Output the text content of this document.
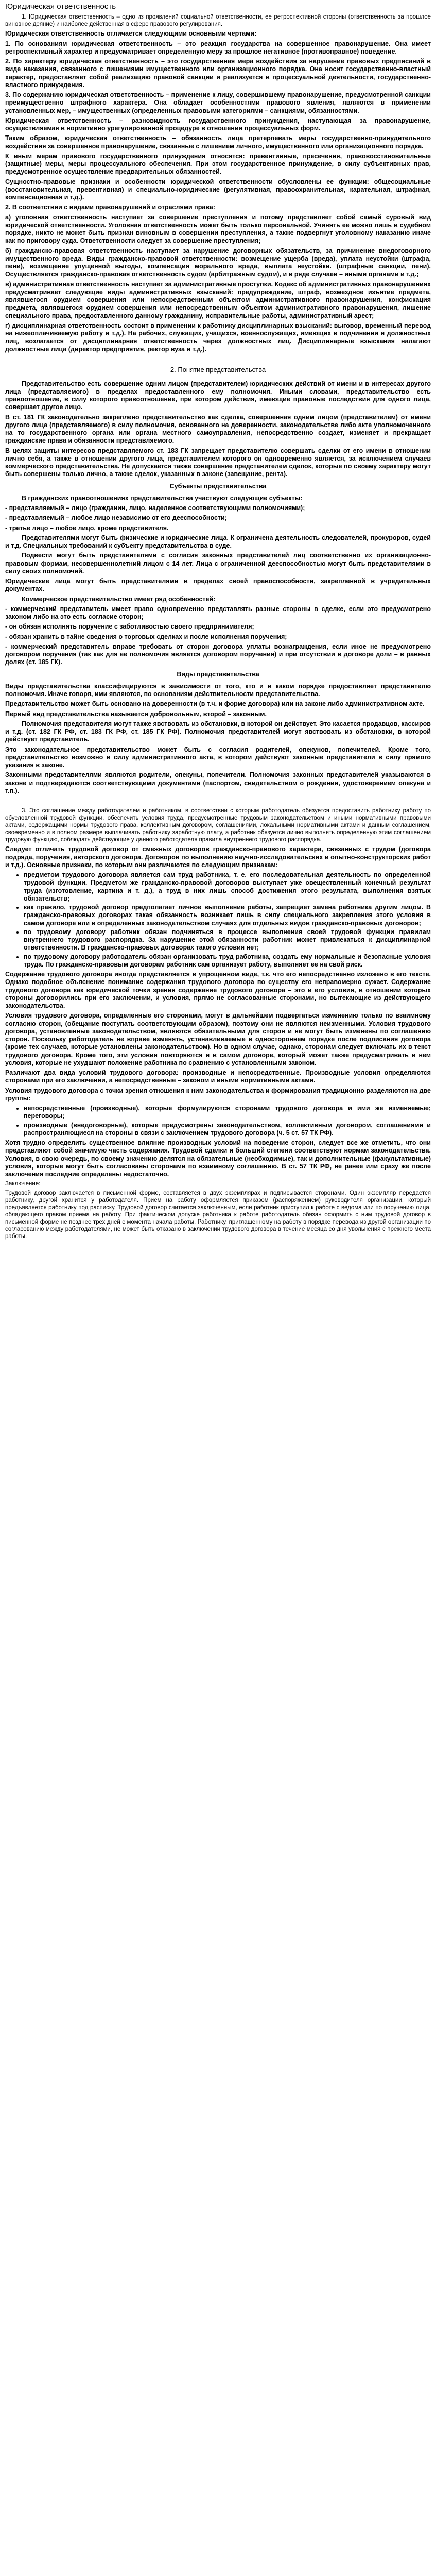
Юридическая ответственность
1. Юридическая ответственность – одно из проявлений социальной ответственности, ее ретроспективной стороны (ответственность за прошлое виновное деяние) и наиболее действенная в сфере правового регулирования.
Юридическая ответственность отличается следующими основными чертами:
1. По основаниям юридическая ответственность – это реакция государства на совершенное правонарушение. Она имеет ретроспективный характер и предусматривает определенную меру за прошлое негативное (противоправное) поведение.
2. По характеру юридическая ответственность – это государственная мера воздействия за нарушение правовых предписаний в виде наказания, связанного с лишениями имущественного или организационного порядка. Она носит государственно-властный характер, предоставляет собой реализацию правовой санкции и реализуется в процессуальной деятельности, государственно-властного принуждения.
3. По содержанию юридическая ответственность – применение к лицу, совершившему правонарушение, предусмотренной санкции преимущественно штрафного характера. Она обладает особенностями правового явления, являются в применении установленных мер, – имущественных (определенных правовыми категориями – санкциями, обязанностями.
Юридическая ответственность – разновидность государственного принуждения, наступающая за правонарушение, осуществляемая в нормативно урегулированной процедуре в отношении процессуальных форм.
Таким образом, юридическая ответственность – обязанность лица претерпевать меры государственно-принудительного воздействия за совершенное правонарушение, связанные с лишением личного, имущественного или организационного порядка.
К иным мерам правового государственного принуждения относятся: превентивные, пресечения, правовосстановительные (защитные) меры, меры процессуального обеспечения. При этом государственное принуждение, в силу субъективных прав, предусмотренное осуществление предварительных обязанностей.
Сущностно-правовые признаки и особенности юридической ответственности обусловлены ее функции: общесоциальные (восстановительная, превентивная) и специально-юридические (регулятивная, правоохранительная, карательная, штрафная, компенсационная и т.д.).
2. В соответствии с видами правонарушений и отраслями права:
а) уголовная ответственность наступает за совершение преступления и потому представляет собой самый суровый вид юридической ответственности. Уголовная ответственность может быть только персональной. Учинять ее можно лишь в судебном порядке, никто не может быть признан виновным в совершении преступления, а также подвергнут уголовному наказанию иначе как по приговору суда. Ответственности следует за совершение преступления;
б) гражданско-правовая ответственность наступает за нарушение договорных обязательств, за причинение внедоговорного имущественного вреда. Виды гражданско-правовой ответственности: возмещение ущерба (вреда), уплата неустойки (штрафа, пени), возмещение упущенной выгоды, компенсация морального вреда, выплата неустойки. (штрафные санкции, пени). Осуществляется гражданско-правовая ответственность судом (арбитражным судом), и в ряде случаев – иными органами и т.д.;
в) административная ответственность наступает за административные проступки. Кодекс об административных правонарушениях предусматривает следующие виды административных взысканий: предупреждение, штраф, возмездное изъятие предмета, являвшегося орудием совершения или непосредственным объектом административного правонарушения, конфискация предмета, являвшегося орудием совершения или непосредственным объектом административного правонарушения, лишение специального права, предоставленного данному гражданину, исправительные работы, административный арест;
г) дисциплинарная ответственность состоит в применении к работнику дисциплинарных взысканий: выговор, временный перевод на нижеоплачиваемую работу и т.д.). На рабочих, служащих, учащихся, военнослужащих, имеющих в подчинении и должностных лиц, возлагается от дисциплинарная ответственность через должностных лиц. Дисциплинарные взыскания налагают должностные лица (директор предприятия, ректор вуза и т.д.).
2. Понятие представительства
Представительство есть совершение одним лицом (представителем) юридических действий от имени и в интересах другого лица (представляемого) в пределах предоставленного ему полномочия. Иными словами, представительство есть правоотношение, в силу которого правоотношение, при котором действия, имеющие правовые последствия для одного лица, совершает другое лицо.
В ст. 181 ГК законодательно закреплено представительство как сделка, совершенная одним лицом (представителем) от имени другого лица (представляемого) в силу полномочия, основанного на доверенности, законодательстве либо акте уполномоченного на то государственного органа или органа местного самоуправления, непосредственно создает, изменяет и прекращает гражданские права и обязанности представляемого.
В целях защиты интересов представляемого ст. 183 ГК запрещает представителю совершать сделки от его имени в отношении лично себя, а также в отношении другого лица, представителем которого он одновременно является, за исключением случаев коммерческого представительства. Не допускается также совершение представителем сделок, которые по своему характеру могут быть совершены только лично, а также сделок, указанных в законе (завещание, рента).
Субъекты представительства
В гражданских правоотношениях представительства участвуют следующие субъекты:
- представляемый – лицо (гражданин, лицо, наделенное соответствующими полномочиями);
- представляемый – любое лицо независимо от его дееспособности;
- третье лицо – любое лицо, кроме представителя.
Представителями могут быть физические и юридические лица. К ограничена деятельность следователей, прокуроров, судей и т.д. Специальных требований к субъекту представительства в суде.
Подвести могут быть представителями с согласия законных представителей лиц соответственно их организационно-правовым формам, несовершеннолетний лицом с 14 лет. Лица с ограниченной дееспособностью могут быть представителями в силу своих полномочий.
Юридические лица могут быть представителями в пределах своей правоспособности, закрепленной в учредительных документах.
Коммерческое представительство имеет ряд особенностей:
- коммерческий представитель имеет право одновременно представлять разные стороны в сделке, если это предусмотрено законом либо на это есть согласие сторон;
- он обязан исполнять поручение с заботливостью своего предпринимателя;
- обязан хранить в тайне сведения о торговых сделках и после исполнения поручения;
- коммерческий представитель вправе требовать от сторон договора уплаты вознаграждения, если иное не предусмотрено договором поручения (так как для ее полномочия является договором поручения) и при отсутствии в договоре доли – в равных долях (ст. 185 ГК).
Виды представительства
Виды представительства классифицируются в зависимости от того, кто и в каком порядке предоставляет представителю полномочия. Иначе говоря, ими являются, по основаниям действительности представительства.
Представительство может быть основано на доверенности (в т.ч. и форме договора) или на законе либо административном акте.
Первый вид представительства называется добровольным, второй – законным.
Полномочия представителя могут также явствовать из обстановки, в которой он действует. Это касается продавцов, кассиров и т.д. (ст. 182 ГК РФ, ст. 183 ГК РФ, ст. 185 ГК РФ). Полномочия представителей могут явствовать из обстановки, в которой действует представитель.
Это законодательное представительство может быть с согласия родителей, опекунов, попечителей. Кроме того, представительство возможно в силу административного акта, в котором действуют законные представители в силу прямого указания в законе.
Законными представителями являются родители, опекуны, попечители. Полномочия законных представителей указываются в законе и подтверждаются соответствующими документами (паспортом, свидетельством о рождении, удостоверением опекуна и т.п.).
3. Это соглашение между работодателем и работником, в соответствии с которым работодатель обязуется предоставить работнику работу по обусловленной трудовой функции, обеспечить условия труда, предусмотренные трудовым законодательством и иными нормативными правовыми актами, содержащими нормы трудового права, коллективным договором, соглашениями, локальными нормативными актами и данным соглашением, своевременно и в полном размере выплачивать работнику заработную плату, а работник обязуется лично выполнять определенную этим соглашением трудовую функцию, соблюдать действующие у данного работодателя правила внутреннего трудового распорядка.
Следует отличать трудовой договор от смежных договоров гражданско-правового характера, связанных с трудом (договора подряда, поручения, авторского договора. Договоров по выполнению научно-исследовательских и опытно-конструкторских работ и т.д.). Основные признаки, по которым они различаются по следующим признакам:
• предметом трудового договора является сам труд работника, т. е. его последовательная деятельность по определенной трудовой функции. Предметом же гражданско-правовой договоров выступает уже овеществленный конечный результат труда (изготовление, картина и т. д.), а труд в них лишь способ достижения этого результата, выполнения взятых обязательств;
• как правило, трудовой договор предполагает личное выполнение работы, запрещает замена работника другим лицом. В гражданско-правовых договорах такая обязанность возникает лишь в силу специального закрепления этого условия в самом договоре или в определенных законодательством случаях для отдельных видов гражданско-правовых договоров;
• по трудовому договору работник обязан подчиняться в процессе выполнения своей трудовой функции правилам внутреннего трудового распорядка. За нарушение этой обязанности работник может привлекаться к дисциплинарной ответственности. В гражданско-правовых договорах такого условия нет;
• по трудовому договору работодатель обязан организовать труд работника, создать ему нормальные и безопасные условия труда. По гражданско-правовым договорам работник сам организует работу, выполняет ее на свой риск.
Содержание трудового договора иногда представляется в упрощенном виде, т.к. что его непосредственно изложено в его тексте. Однако подобное объяснение понимание содержания трудового договора по существу его неправомерно сужает. Содержание трудового договора как юридической точки зрения содержание трудового договора – это и его условия, в отношении которых стороны договорились при его заключении, и условия, прямо не согласованные сторонами, но вытекающие из действующего законодательства.
Условия трудового договора, определенные его сторонами, могут в дальнейшем подвергаться изменению только по взаимному согласию сторон, (обещание поступать соответствующим образом), поэтому они не являются неизменными. Условия трудового договора, установленные законодательством, являются обязательными для сторон и не могут быть изменены по соглашению сторон. Поскольку работодатель не вправе изменять, устанавливаемые в одностороннем порядке после подписания договора (кроме тех случаев, которые установлены законодательством). Но в одном случае, однако, сторонам следует включать их в текст трудового договора. Кроме того, эти условия повторяются и в самом договоре, который может также предусматривать в нем условия, которые не ухудшают положение работника по сравнению с установленными законом.
Различают два вида условий трудового договора: производные и непосредственные. Производные условия определяются сторонами при его заключении, а непосредственные – законом и иными нормативными актами.
Условия трудового договора с точки зрения отношения к ним законодательства и формирования традиционно разделяются на две группы:
• непосредственные (производные), которые формулируются сторонами трудового договора и ими же изменяемые; переговоры;
• производные (внедоговорные), которые предусмотрены законодательством, коллективным договором, соглашениями и распространяющиеся на стороны в связи с заключением трудового договора (ч. 5 ст. 57 ТК РФ).
Хотя трудно определить существенное влияние производных условий на поведение сторон, следует все же отметить, что они представляют собой значимую часть содержания. Трудовой сделки и больший степени соответствуют нормам законодательства. Условия, в свою очередь, по своему значению делятся на обязательные (необходимые), так и дополнительные (факультативные) условия, которые могут быть согласованы сторонами по взаимному соглашению. В ст. 57 ТК РФ, не ранее или сразу же после заключения последние определены недостаточно.
Заключение:
Трудовой договор заключается в письменной форме, составляется в двух экземплярах и подписывается сторонами. Один экземпляр передается работнику, другой хранится у работодателя. Прием на работу оформляется приказом (распоряжением) руководителя организации, который предъявляется работнику под расписку. Трудовой договор считается заключенным, если работник приступил к работе с ведома или по поручению лица, обладающего правом приема на работу. При фактическом допуске работника к работе работодатель обязан оформить с ним трудовой договор в письменной форме не позднее трех дней с момента начала работы. Работнику, приглашенному на работу в порядке перевода из другой организации по согласованию между работодателями, не может быть отказано в заключении трудового договора в течение месяца со дня увольнения с прежнего места работы.
